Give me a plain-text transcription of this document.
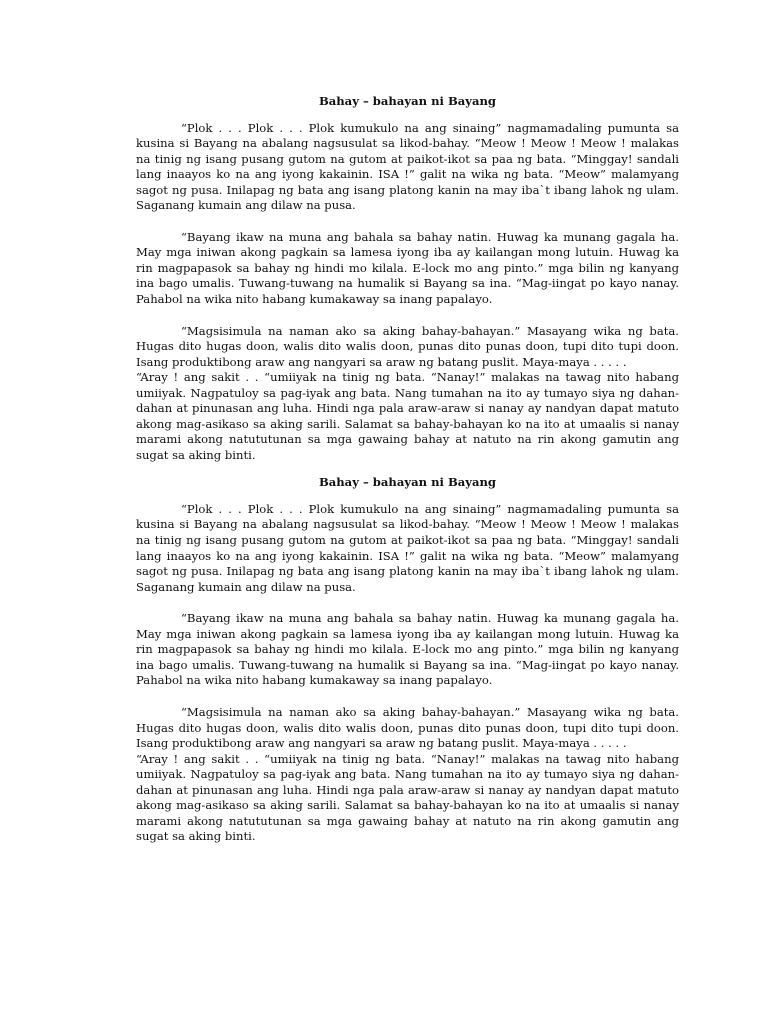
Bahay – bahayan ni Bayang

“Plok . . . Plok . . . Plok kumukulo na ang sinaing” nagmamadaling pumunta sa kusina si Bayang na abalang nagsusulat sa likod-bahay. “Meow ! Meow ! Meow ! malakas na tinig ng isang pusang gutom na gutom at paikot-ikot sa paa ng bata. “Minggay! sandali lang inaayos ko na ang iyong kakainin. ISA !” galit na wika ng bata. “Meow” malamyang sagot ng pusa. Inilapag ng bata ang isang platong kanin na may iba`t ibang lahok ng ulam. Saganang kumain ang dilaw na pusa.

“Bayang ikaw na muna ang bahala sa bahay natin. Huwag ka munang gagala ha. May mga iniwan akong pagkain sa lamesa iyong iba ay kailangan mong lutuin. Huwag ka rin magpapasok sa bahay ng hindi mo kilala. E-lock mo ang pinto.” mga bilin ng kanyang ina bago umalis. Tuwang-tuwang na humalik si Bayang sa ina. “Mag-iingat po kayo nanay. Pahabol na wika nito habang kumakaway sa inang papalayo.

“Magsisimula na naman ako sa aking bahay-bahayan.” Masayang wika ng bata. Hugas dito hugas doon, walis dito walis doon, punas dito punas doon, tupi dito tupi doon. Isang produktibong araw ang nangyari sa araw ng batang puslit. Maya-maya . . . . .

“Aray ! ang sakit . . “umiiyak na tinig ng bata. “Nanay!” malakas na tawag nito habang umiiyak. Nagpatuloy sa pag-iyak ang bata. Nang tumahan na ito ay tumayo siya ng dahan-dahan at pinunasan ang luha. Hindi nga pala araw-araw si nanay ay nandyan dapat matuto akong mag-asikaso sa aking sarili. Salamat sa bahay-bahayan ko na ito at umaalis si nanay marami akong natututunan sa mga gawaing bahay at natuto na rin akong gamutin ang sugat sa aking binti.

Bahay – bahayan ni Bayang

“Plok . . . Plok . . . Plok kumukulo na ang sinaing” nagmamadaling pumunta sa kusina si Bayang na abalang nagsusulat sa likod-bahay. “Meow ! Meow ! Meow ! malakas na tinig ng isang pusang gutom na gutom at paikot-ikot sa paa ng bata. “Minggay! sandali lang inaayos ko na ang iyong kakainin. ISA !” galit na wika ng bata. “Meow” malamyang sagot ng pusa. Inilapag ng bata ang isang platong kanin na may iba`t ibang lahok ng ulam. Saganang kumain ang dilaw na pusa.

“Bayang ikaw na muna ang bahala sa bahay natin. Huwag ka munang gagala ha. May mga iniwan akong pagkain sa lamesa iyong iba ay kailangan mong lutuin. Huwag ka rin magpapasok sa bahay ng hindi mo kilala. E-lock mo ang pinto.” mga bilin ng kanyang ina bago umalis. Tuwang-tuwang na humalik si Bayang sa ina. “Mag-iingat po kayo nanay. Pahabol na wika nito habang kumakaway sa inang papalayo.

“Magsisimula na naman ako sa aking bahay-bahayan.” Masayang wika ng bata. Hugas dito hugas doon, walis dito walis doon, punas dito punas doon, tupi dito tupi doon. Isang produktibong araw ang nangyari sa araw ng batang puslit. Maya-maya . . . . .

“Aray ! ang sakit . . “umiiyak na tinig ng bata. “Nanay!” malakas na tawag nito habang umiiyak. Nagpatuloy sa pag-iyak ang bata. Nang tumahan na ito ay tumayo siya ng dahan-dahan at pinunasan ang luha. Hindi nga pala araw-araw si nanay ay nandyan dapat matuto akong mag-asikaso sa aking sarili. Salamat sa bahay-bahayan ko na ito at umaalis si nanay marami akong natututunan sa mga gawaing bahay at natuto na rin akong gamutin ang sugat sa aking binti.
